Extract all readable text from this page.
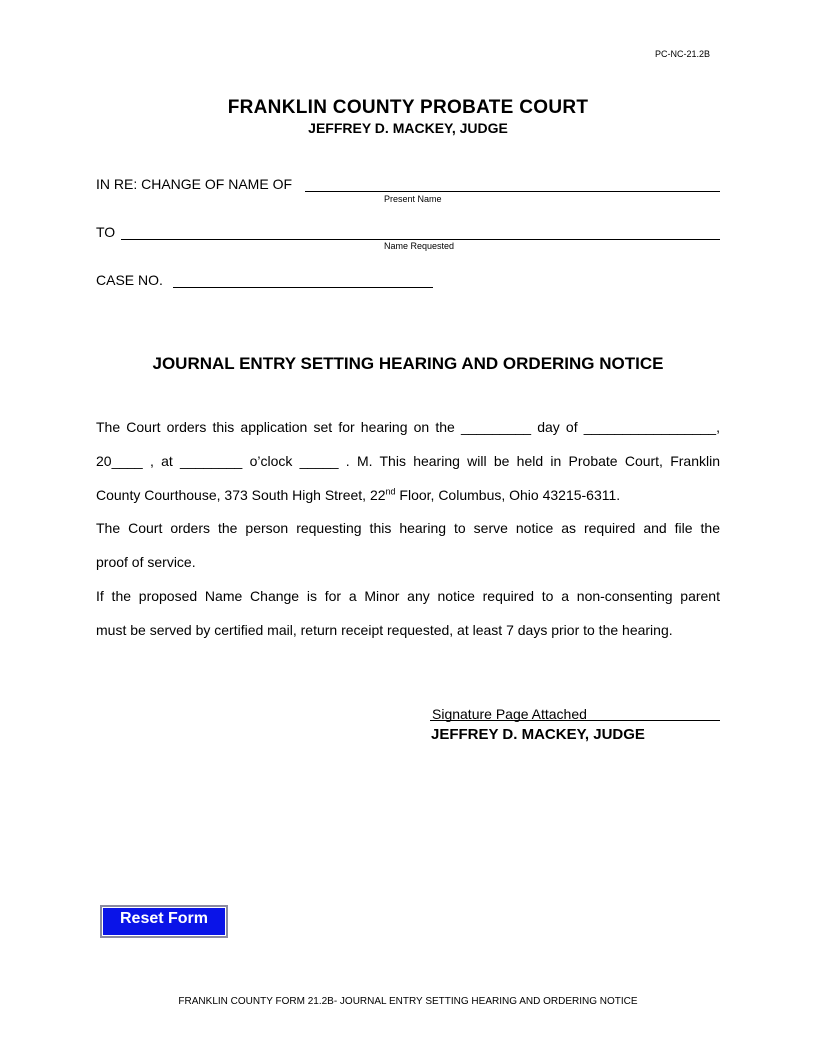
PC-NC-21.2B
FRANKLIN COUNTY PROBATE COURT
JEFFREY D. MACKEY, JUDGE
IN RE: CHANGE OF NAME OF
Present Name
TO
Name Requested
CASE NO.
JOURNAL ENTRY SETTING HEARING AND ORDERING NOTICE
The Court orders this application set for hearing on the _________ day of _________________,
20____ , at ________ o’clock _____ . M. This hearing will be held in Probate Court, Franklin
County Courthouse, 373 South High Street, 22nd Floor, Columbus, Ohio 43215-6311.
The Court orders the person requesting this hearing to serve notice as required and file the
proof of service.
If the proposed Name Change is for a Minor any notice required to a non-consenting parent
must be served by certified mail, return receipt requested, at least 7 days prior to the hearing.
Signature Page Attached
JEFFREY D. MACKEY, JUDGE
Reset Form
FRANKLIN COUNTY FORM 21.2B- JOURNAL ENTRY SETTING HEARING AND ORDERING NOTICE
